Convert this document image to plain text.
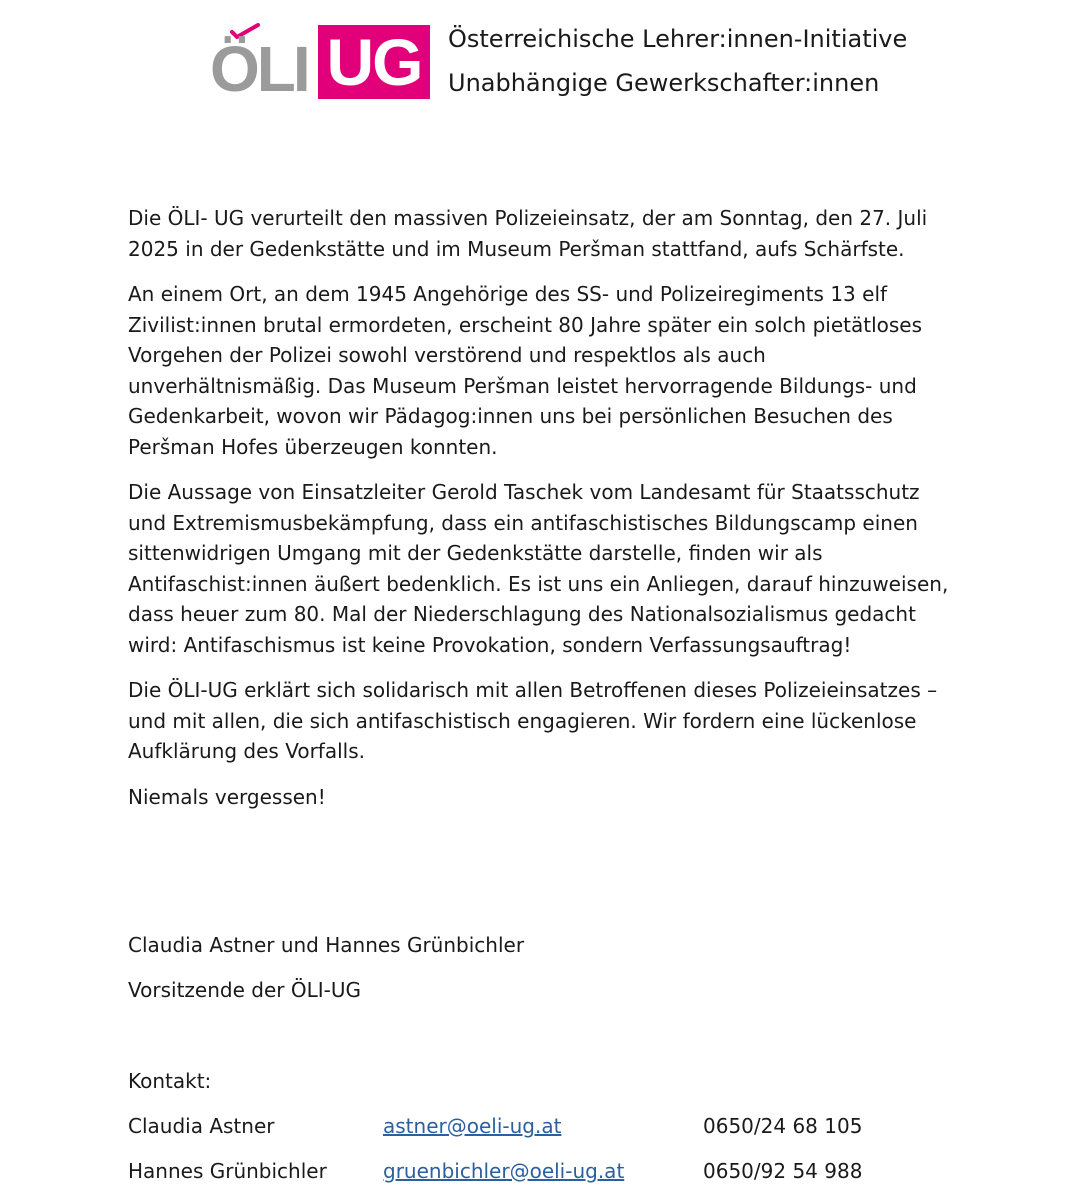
ÖLI UG	Österreichische Lehrer:innen-Initiative
Unabhängige Gewerkschafter:innen

Die ÖLI- UG verurteilt den massiven Polizeieinsatz, der am Sonntag, den 27. Juli 2025 in der Gedenkstätte und im Museum Peršman stattfand, aufs Schärfste.

An einem Ort, an dem 1945 Angehörige des SS- und Polizeiregiments 13 elf Zivilist:innen brutal ermordeten, erscheint 80 Jahre später ein solch pietätloses Vorgehen der Polizei sowohl verstörend und respektlos als auch unverhältnismäßig. Das Museum Peršman leistet hervorragende Bildungs- und Gedenkarbeit, wovon wir Pädagog:innen uns bei persönlichen Besuchen des Peršman Hofes überzeugen konnten.

Die Aussage von Einsatzleiter Gerold Taschek vom Landesamt für Staatsschutz und Extremismusbekämpfung, dass ein antifaschistisches Bildungscamp einen sittenwidrigen Umgang mit der Gedenkstätte darstelle, finden wir als Antifaschist:innen äußert bedenklich. Es ist uns ein Anliegen, darauf hinzuweisen, dass heuer zum 80. Mal der Niederschlagung des Nationalsozialismus gedacht wird: Antifaschismus ist keine Provokation, sondern Verfassungsauftrag!

Die ÖLI-UG erklärt sich solidarisch mit allen Betroffenen dieses Polizeieinsatzes – und mit allen, die sich antifaschistisch engagieren. Wir fordern eine lückenlose Aufklärung des Vorfalls.

Niemals vergessen!

Claudia Astner und Hannes Grünbichler
Vorsitzende der ÖLI-UG
Kontakt:
Claudia Astner	astner@oeli-ug.at	0650/24 68 105
Hannes Grünbichler	gruenbichler@oeli-ug.at	0650/92 54 988
